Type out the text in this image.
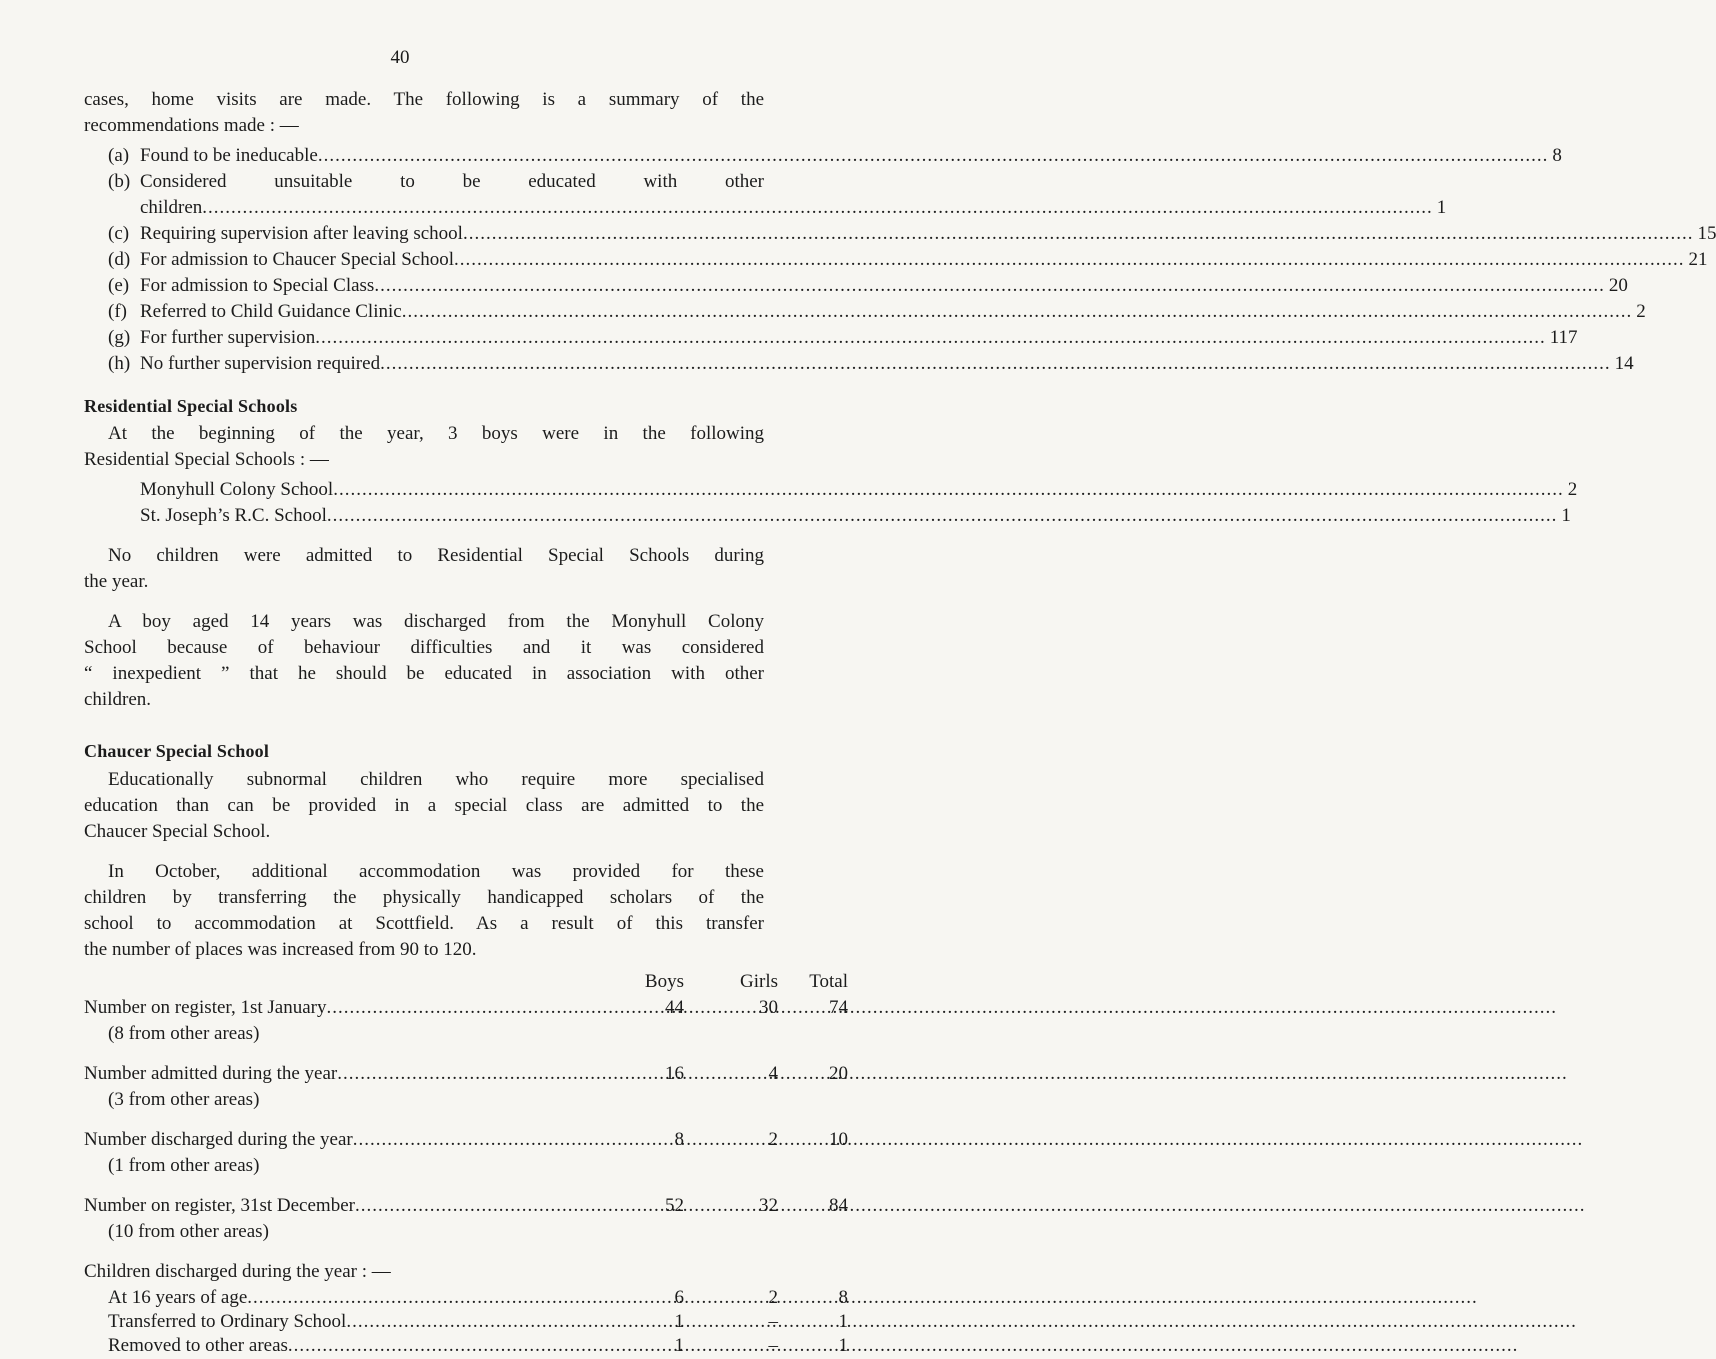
40
cases, home visits are made. The following is a summary of the
recommendations made : —
(a) Found to be ineducable .....	8
(b) Considered unsuitable to be educated with other
children .....	1
(c) Requiring supervision after leaving school .....	15
(d) For admission to Chaucer Special School .....	21
(e) For admission to Special Class .....	20
(f) Referred to Child Guidance Clinic .....	2
(g) For further supervision .....	117
(h) No further supervision required .....	14
Residential Special Schools
At the beginning of the year, 3 boys were in the following
Residential Special Schools : —
Monyhull Colony School .....	2
St. Joseph’s R.C. School .....	1
No children were admitted to Residential Special Schools during
the year.
A boy aged 14 years was discharged from the Monyhull Colony
School because of behaviour difficulties and it was considered
“ inexpedient ” that he should be educated in association with other
children.
Chaucer Special School
Educationally subnormal children who require more specialised
education than can be provided in a special class are admitted to the
Chaucer Special School.
In October, additional accommodation was provided for these
children by transferring the physically handicapped scholars of the
school to accommodation at Scottfield. As a result of this transfer
the number of places was increased from 90 to 120.
Boys	Girls	Total
Number on register, 1st January .....	44	30	74
(8 from other areas)
Number admitted during the year .....	16	4	20
(3 from other areas)
Number discharged during the year .....	8	2	10
(1 from other areas)
Number on register, 31st December .....	52	32	84
(10 from other areas)
Children discharged during the year : —
At 16 years of age .....	6	2	8
Transferred to Ordinary School .....	1	–	1
Removed to other areas .....	1	–	1
